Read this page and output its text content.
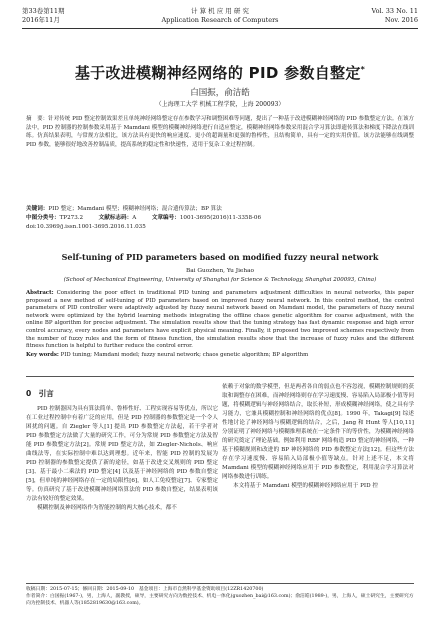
第33卷第11期
2016年11月
计 算 机 应 用 研 究
Application Research of Computers
Vol. 33 No. 11
Nov. 2016
基于改进模糊神经网络的 PID 参数自整定*
白国振，俞洁皓
（上海理工大学 机械工程学院，上海 200093）
摘　要：针对传统 PID 整定控制效果差且单纯神经网络整定存在参数学习和调整困难等问题，提出了一种基于改进模糊神经网络的 PID 参数整定方法。在该方法中，PID 控制器的控制参数采用基于 Mamdani 模型的模糊神经网络进行自适应整定，模糊神经网络参数采用混合学习算法即遗传算法和梯度下降法在线训练。仿真结果表明，与常规方法相比，该方法具有更快的响应速度、更小的超调量和更强的鲁棒性，且结构简单，具有一定的实用价值。该方法能够在线调整 PID 参数，能够很好地改善控制品质，提高系统的稳定性和快速性，适用于复杂工业过程控制。
关键词：PID 整定；Mamdani 模型；模糊神经网络；混合遗传算法；BP 算法
中图分类号：TP273.2	文献标志码：A	文章编号：1001-3695(2016)11-3358-06
doi:10.3969/j.issn.1001-3695.2016.11.035
Self-tuning of PID parameters based on modified fuzzy neural network
Bai Guozhen, Yu Jiehao
(School of Mechanical Engineering, University of Shanghai for Science & Technology, Shanghai 200093, China)
Abstract: Considering the poor effect in traditional PID tuning and parameters adjustment difficulties in neural networks, this paper proposed a new method of self-tuning of PID parameters based on improved fuzzy neural network. In this control method, the control parameters of PID controller were adaptively adjusted by fuzzy neural network based on Mamdani model, the parameters of fuzzy neural network were optimized by the hybrid learning methods integrating the offline chaos genetic algorithm for coarse adjustment, with the online BP algorithm for precise adjustment. The simulation results show that the tuning strategy has fast dynamic response and high error control accuracy, every nodes and parameters have explicit physical meaning. Finally, it proposed two improved schemes respectively from the number of fuzzy rules and the form of fitness function, the simulation results show that the increase of fuzzy rules and the different fitness function is helpful to further reduce the control error.
Key words: PID tuning; Mamdani model; fuzzy neural network; chaos genetic algorithm; BP algorithm
0　引言

PID 控制器因为具有算法简单、鲁棒性好、工程实现容易等优点，所以它在工业过程控制中有着广泛的应用，但是 PID 控制器的参数整定是一个令人困扰的问题。自 Ziegler 等人[1] 提出 PID 参数整定方法起，若干学者对 PID 参数整定方法做了大量的研究工作，可分为常规 PID 参数整定方法及智能 PID 参数整定方法[2]。常规 PID 整定方法，如 Ziegler-Nichols、响应曲线法等，在实际控制中难以达到理想。近年来，智能 PID 控制的发展为 PID 控制器的参数整定提供了新的途径，如基于改进交叉规则的 PID 整定[3]、基于最小二乘法的 PID 整定[4] 以及基于神经网络的 PID 参数自整定[5]，但单纯的神经网络存在一定的局限性[6]，如人工免疫整定[7]、专家整定等。仿真研究了基于改进模糊神经网络算法的 PID 参数自整定，结果表明该方法有较好的整定效果。

模糊控制及神经网络作为智能控制的两大核心技术，都不

依赖于对象的数学模型，但是两者各自的弱点也不容忽视，模糊控制规则的获取和调整存在困难，而神经网络则存在学习速度慢、容易陷入局部极小值等问题，将模糊逻辑与神经网络结合，取长补短，形成模糊神经网络，使之具有学习能力，它兼具模糊控制和神经网络的优点[8]。1990 年，Takagi[9] 综述性地讨论了神经网络与模糊逻辑的结合，之后，Jang 和 Hunt 等人[10,11] 分别证明了神经网络与模糊推理系统在一定条件下的等价性，为模糊神经网络的研究奠定了理论基础。例如利用 RBF 网络构造 PID 整定的神经网络，一种基于模糊规则和改进的 BP 神经网络的 PID 参数整定方法[12]。但这些方法存在学习速度慢、容易陷入局部极小值等缺点。针对上述不足，本文将 Mamdani 模型的模糊神经网络应用于 PID 参数整定，利用混合学习算法对网络参数进行训练。

本文将基于 Mamdani 模型的模糊神经网络应用于 PID 控

收稿日期：2015-07-15；修回日期：2015-09-10　基金项目：上海市自然科学基金资助项目(12ZR1420700)
作者简介：白国振(1967-)，男，上海人，副教授，硕导，主要研究方向为数控技术、机电一体化(guozhen_bai@163.com)；俞洁皓(1989-)，男，上海人，硕士研究生，主要研究方向为控制技术、机器人等(1852819630@163.com)。
